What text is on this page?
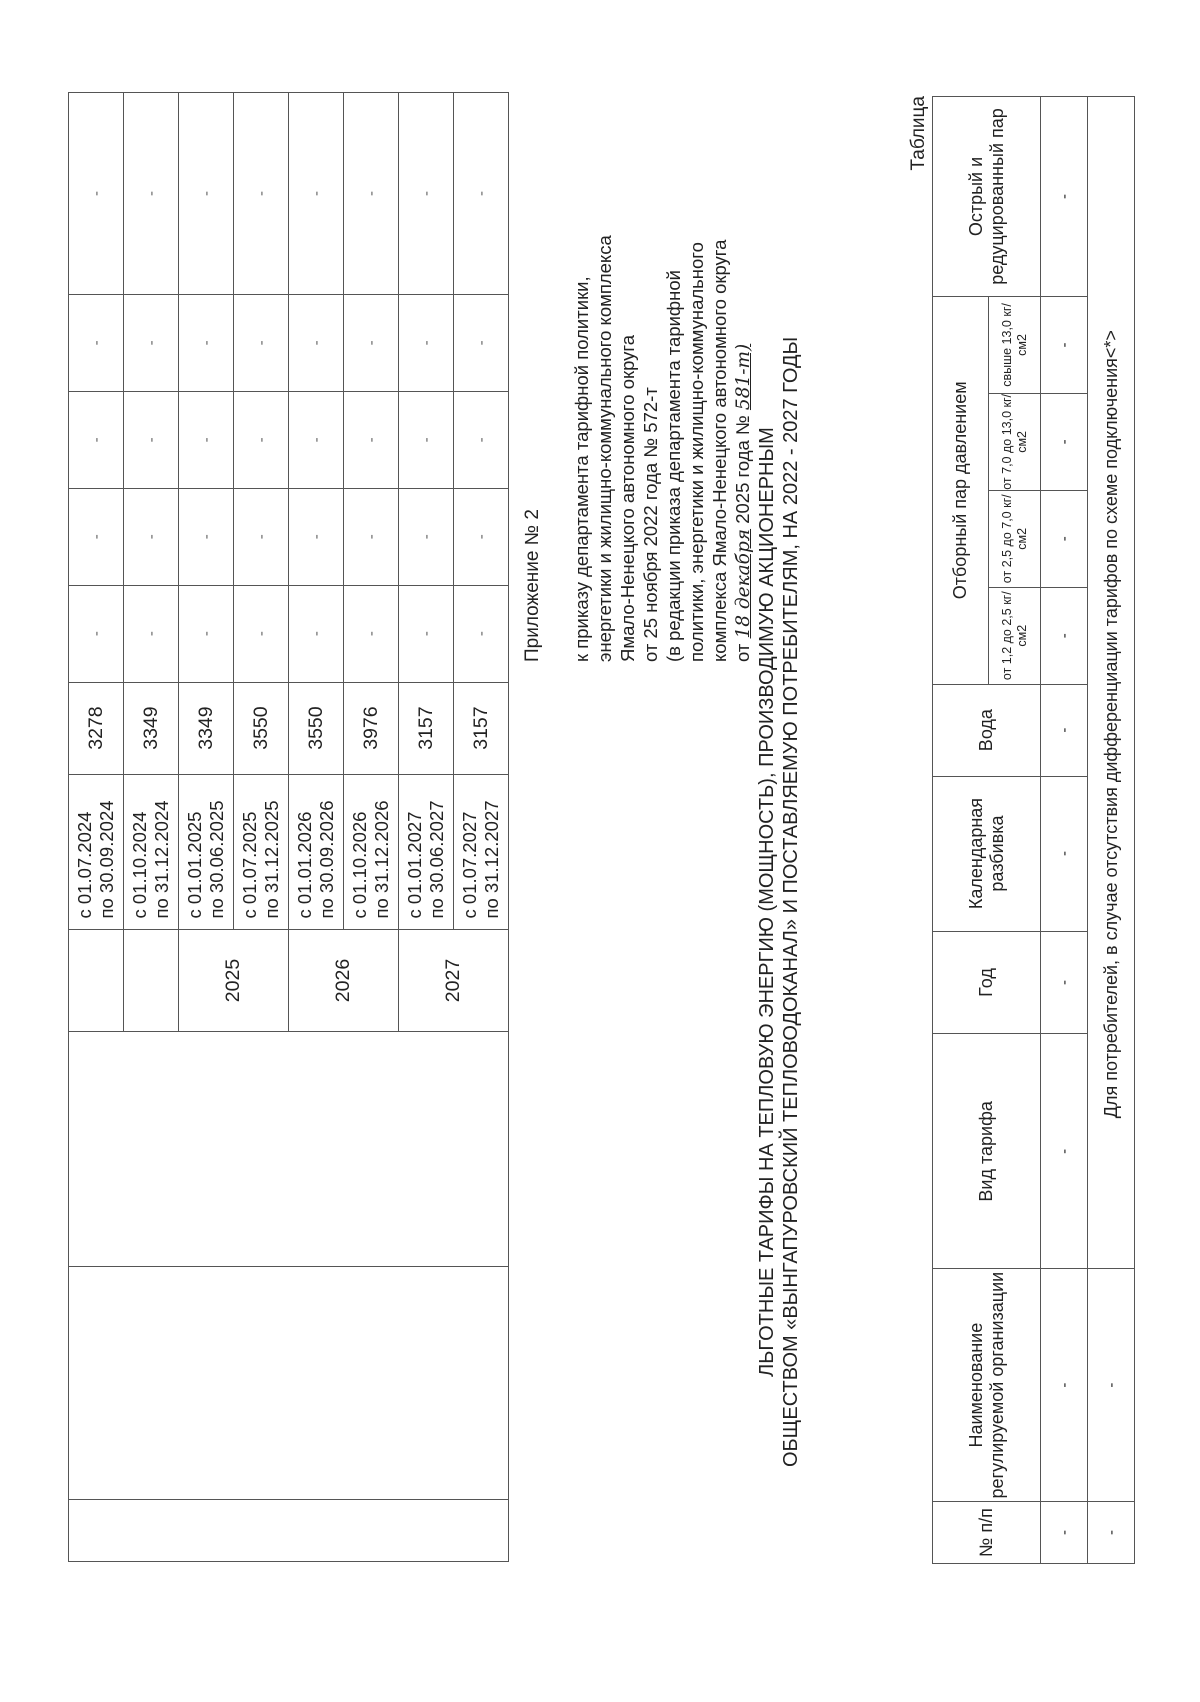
				с 01.07.2024 по 30.09.2024	3278	-	-	-	-	-

				с 01.10.2024 по 31.12.2024	3349	-	-	-	-	-
			2025	с 01.01.2025 по 30.06.2025	3349	-	-	-	-	-

				с 01.07.2025 по 31.12.2025	3550	-	-	-	-	-
			2026	с 01.01.2026 по 30.09.2026	3550	-	-	-	-	-

				с 01.10.2026 по 31.12.2026	3976	-	-	-	-	-
			2027	с 01.01.2027 по 30.06.2027	3157	-	-	-	-	-

				с 01.07.2027 по 31.12.2027	3157	-	-	-	-	-
Приложение № 2 к приказу департамента тарифной политики, энергетики и жилищно-коммунального комплекса Ямало-Ненецкого автономного округа от 25 ноября 2022 года № 572-т (в редакции приказа департамента тарифной политики, энергетики и жилищно-коммунального комплекса Ямало-Ненецкого автономного округа от 18 декабря 2025 года № 581-т)
ЛЬГОТНЫЕ ТАРИФЫ НА ТЕПЛОВУЮ ЭНЕРГИЮ (МОЩНОСТЬ), ПРОИЗВОДИМУЮ АКЦИОНЕРНЫМ ОБЩЕСТВОМ «ВЫНГАПУРОВСКИЙ ТЕПЛОВОДОКАНАЛ» И ПОСТАВЛЯЕМУЮ ПОТРЕБИТЕЛЯМ, НА 2022 - 2027 ГОДЫ
Таблица
№ п/п	Наименование регулируемой организации	Вид тарифа	Год	Календарная разбивка	Вода	Отборный пар давлением				Острый и редуцированный пар
						от 1,2 до 2,5 кг/см2	от 2,5 до 7,0 кг/см2	от 7,0 до 13,0 кг/см2	свыше 13,0 кг/см2	
-	-	-	-	-	-	-	-	-	-	-
-	-	Для потребителей, в случае отсутствия дифференциации тарифов по схеме подключения<*>								
